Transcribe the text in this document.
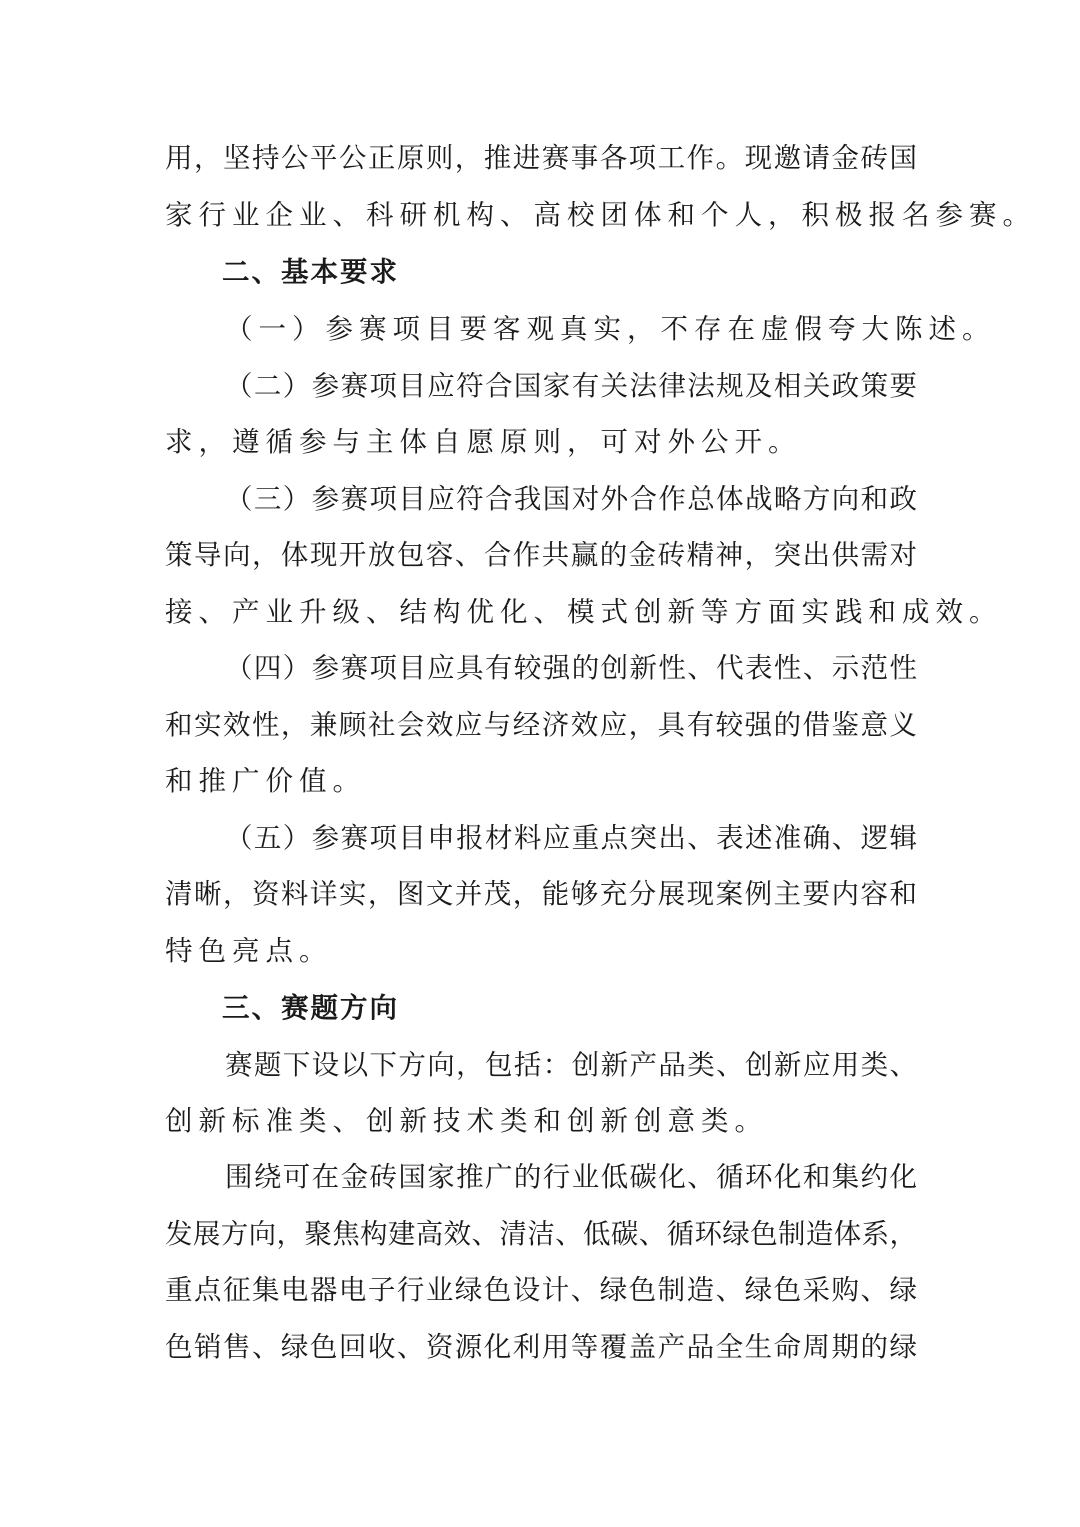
用，坚持公平公正原则，推进赛事各项工作。现邀请金砖国
家行业企业、科研机构、高校团体和个人，积极报名参赛。
二、基本要求
（一）参赛项目要客观真实，不存在虚假夸大陈述。
（二）参赛项目应符合国家有关法律法规及相关政策要
求，遵循参与主体自愿原则，可对外公开。
（三）参赛项目应符合我国对外合作总体战略方向和政
策导向，体现开放包容、合作共赢的金砖精神，突出供需对
接、产业升级、结构优化、模式创新等方面实践和成效。
（四）参赛项目应具有较强的创新性、代表性、示范性
和实效性，兼顾社会效应与经济效应，具有较强的借鉴意义
和推广价值。
（五）参赛项目申报材料应重点突出、表述准确、逻辑
清晰，资料详实，图文并茂，能够充分展现案例主要内容和
特色亮点。
三、赛题方向
赛题下设以下方向，包括：创新产品类、创新应用类、
创新标准类、创新技术类和创新创意类。
围绕可在金砖国家推广的行业低碳化、循环化和集约化
发展方向，聚焦构建高效、清洁、低碳、循环绿色制造体系，
重点征集电器电子行业绿色设计、绿色制造、绿色采购、绿
色销售、绿色回收、资源化利用等覆盖产品全生命周期的绿
